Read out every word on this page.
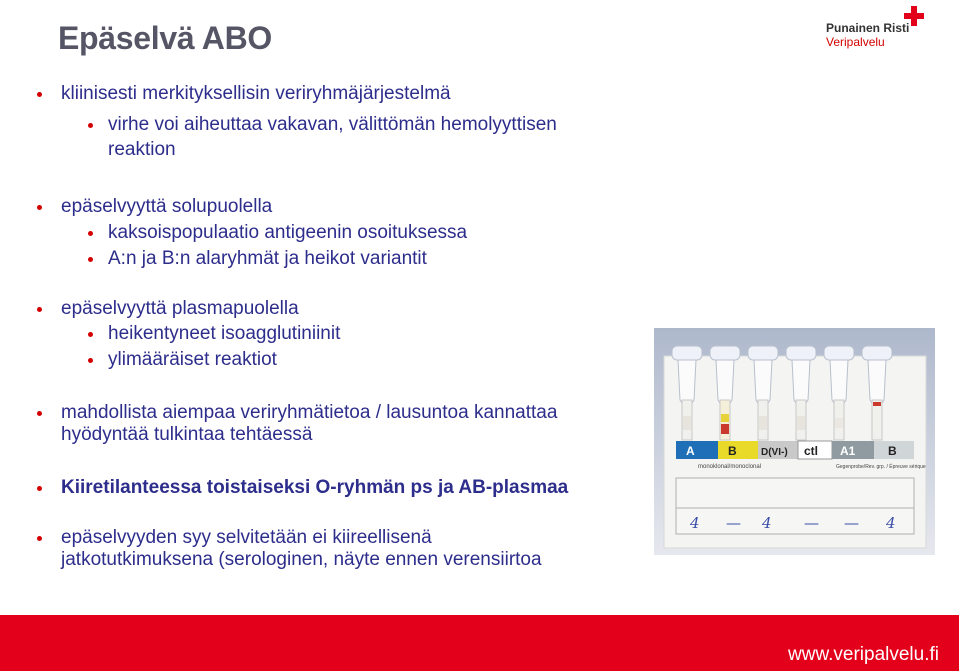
Epäselvä ABO	Punainen Risti
Veripalvelu
kliinisesti merkityksellisin veriryhmäjärjestelmä
virhe voi aiheuttaa vakavan, välittömän hemolyyttisen
reaktion
epäselvyyttä solupuolella
kaksoispopulaatio antigeenin osoituksessa
A:n ja B:n alaryhmät ja heikot variantit
epäselvyyttä plasmapuolella
heikentyneet isoagglutiniinit
ylimääräiset reaktiot
mahdollista aiempaa veriryhmätietoa / lausuntoa kannattaa
hyödyntää tulkintaa tehtäessä
Kiiretilanteessa toistaiseksi O-ryhmän ps ja AB-plasmaa
epäselvyyden syy selvitetään ei kiireellisenä
jatkotutkimuksena (serologinen, näyte ennen verensiirtoa
A	B D(VI-) ctl A1	B
monoklonal/monoclonal	Gegenprobe/Rev. grp. / Épreuve sérique
4 — 4 — — 4
www.veripalvelu.fi
